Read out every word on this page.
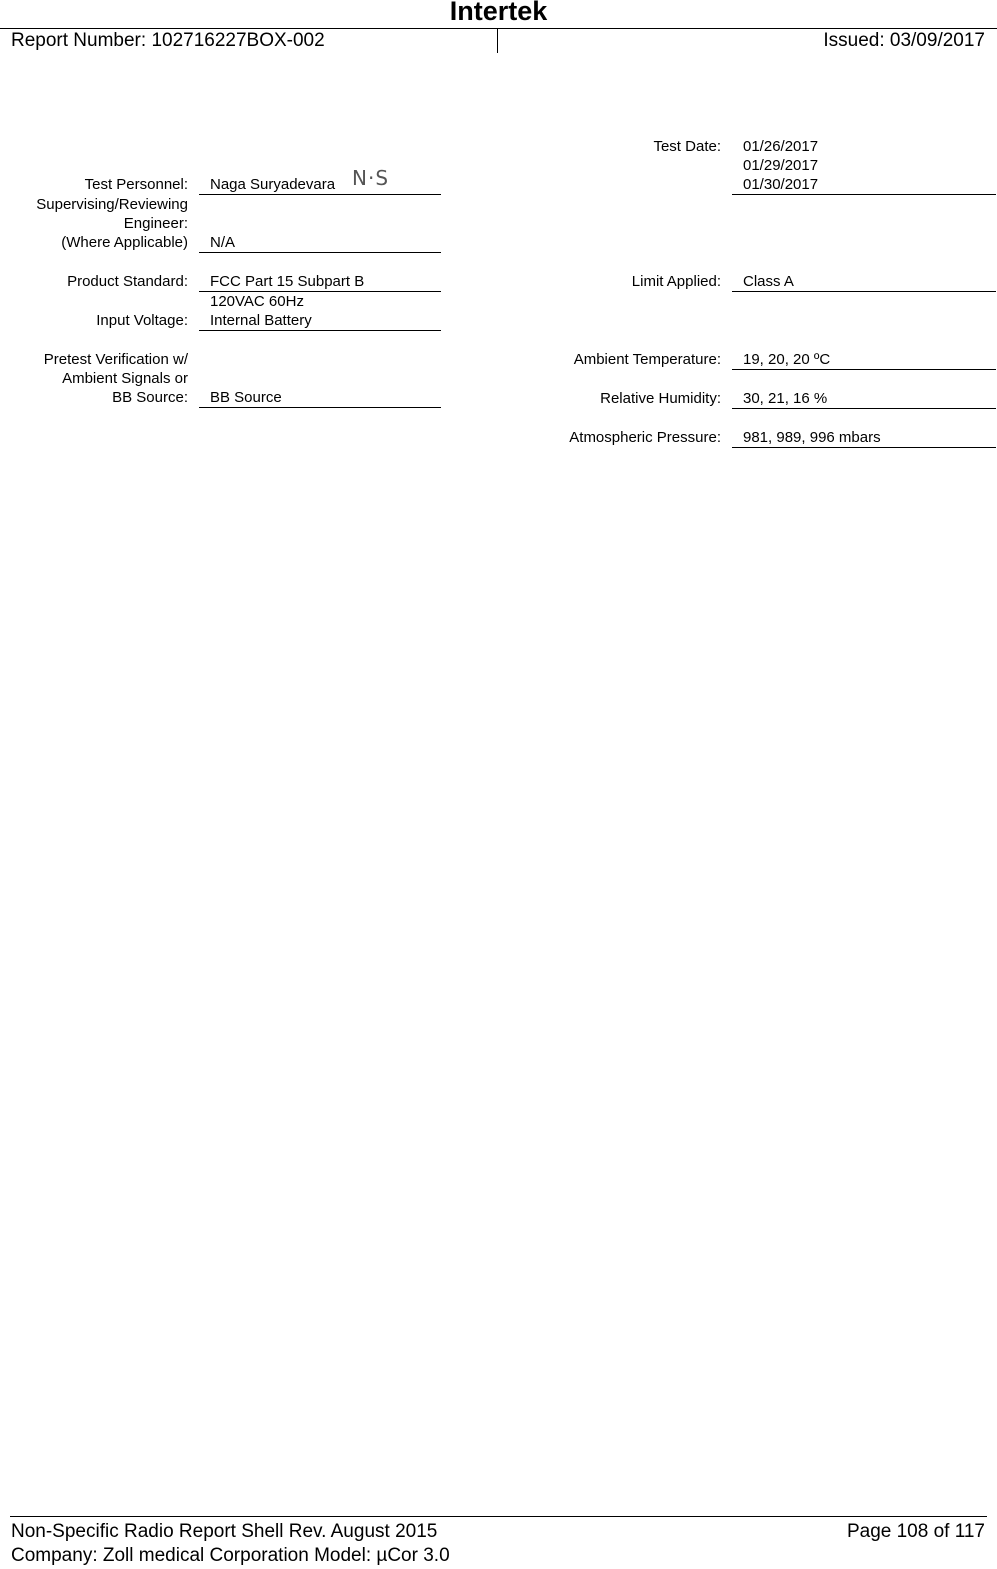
Intertek
Report Number: 102716227BOX-002	Issued: 03/09/2017
Test Date: 01/26/2017
01/29/2017
01/30/2017
Test Personnel: Naga Suryadevara N·S
Supervising/Reviewing
Engineer:
(Where Applicable) N/A
Product Standard: FCC Part 15 Subpart B	Limit Applied: Class A
120VAC 60Hz
Input Voltage: Internal Battery
Pretest Verification w/
Ambient Signals or
BB Source: BB Source
Ambient Temperature: 19, 20, 20 ºC
Relative Humidity: 30, 21, 16 %
Atmospheric Pressure: 981, 989, 996 mbars
Non-Specific Radio Report Shell Rev. August 2015	Page 108 of 117
Company: Zoll medical Corporation Model: µCor 3.0
